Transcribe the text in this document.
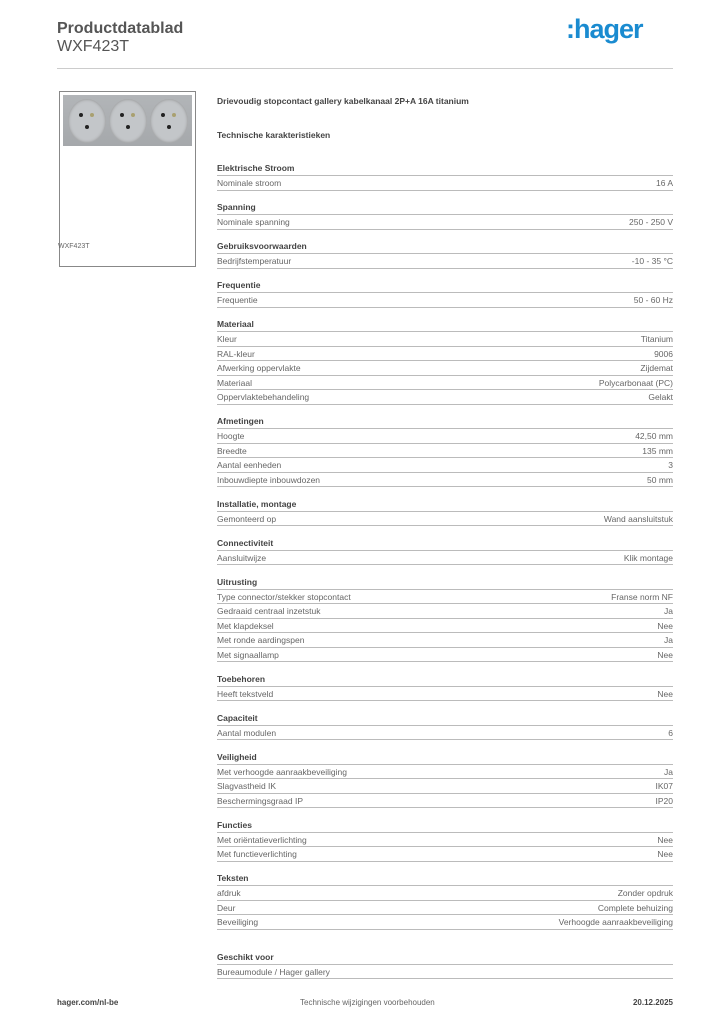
Productdatablad
WXF423T
:hager
WXF423T
Drievoudig stopcontact gallery kabelkanaal 2P+A 16A titanium
Technische karakteristieken
Elektrische Stroom
Nominale stroom	16 A
Spanning
Nominale spanning	250 - 250 V
Gebruiksvoorwaarden
Bedrijfstemperatuur	-10 - 35 °C
Frequentie
Frequentie	50 - 60 Hz
Materiaal
Kleur	Titanium
RAL-kleur	9006
Afwerking oppervlakte	Zijdemat
Materiaal	Polycarbonaat (PC)
Oppervlaktebehandeling	Gelakt
Afmetingen
Hoogte	42,50 mm
Breedte	135 mm
Aantal eenheden	3
Inbouwdiepte inbouwdozen	50 mm
Installatie, montage
Gemonteerd op	Wand aansluitstuk
Connectiviteit
Aansluitwijze	Klik montage
Uitrusting
Type connector/stekker stopcontact	Franse norm NF
Gedraaid centraal inzetstuk	Ja
Met klapdeksel	Nee
Met ronde aardingspen	Ja
Met signaallamp	Nee
Toebehoren
Heeft tekstveld	Nee
Capaciteit
Aantal modulen	6
Veiligheid
Met verhoogde aanraakbeveiliging	Ja
Slagvastheid IK	IK07
Beschermingsgraad IP	IP20
Functies
Met oriëntatieverlichting	Nee
Met functieverlichting	Nee
Teksten
afdruk	Zonder opdruk
Deur	Complete behuizing
Beveiliging	Verhoogde aanraakbeveiliging
Geschikt voor
Bureaumodule / Hager gallery
hager.com/nl-be	Technische wijzigingen voorbehouden	20.12.2025
